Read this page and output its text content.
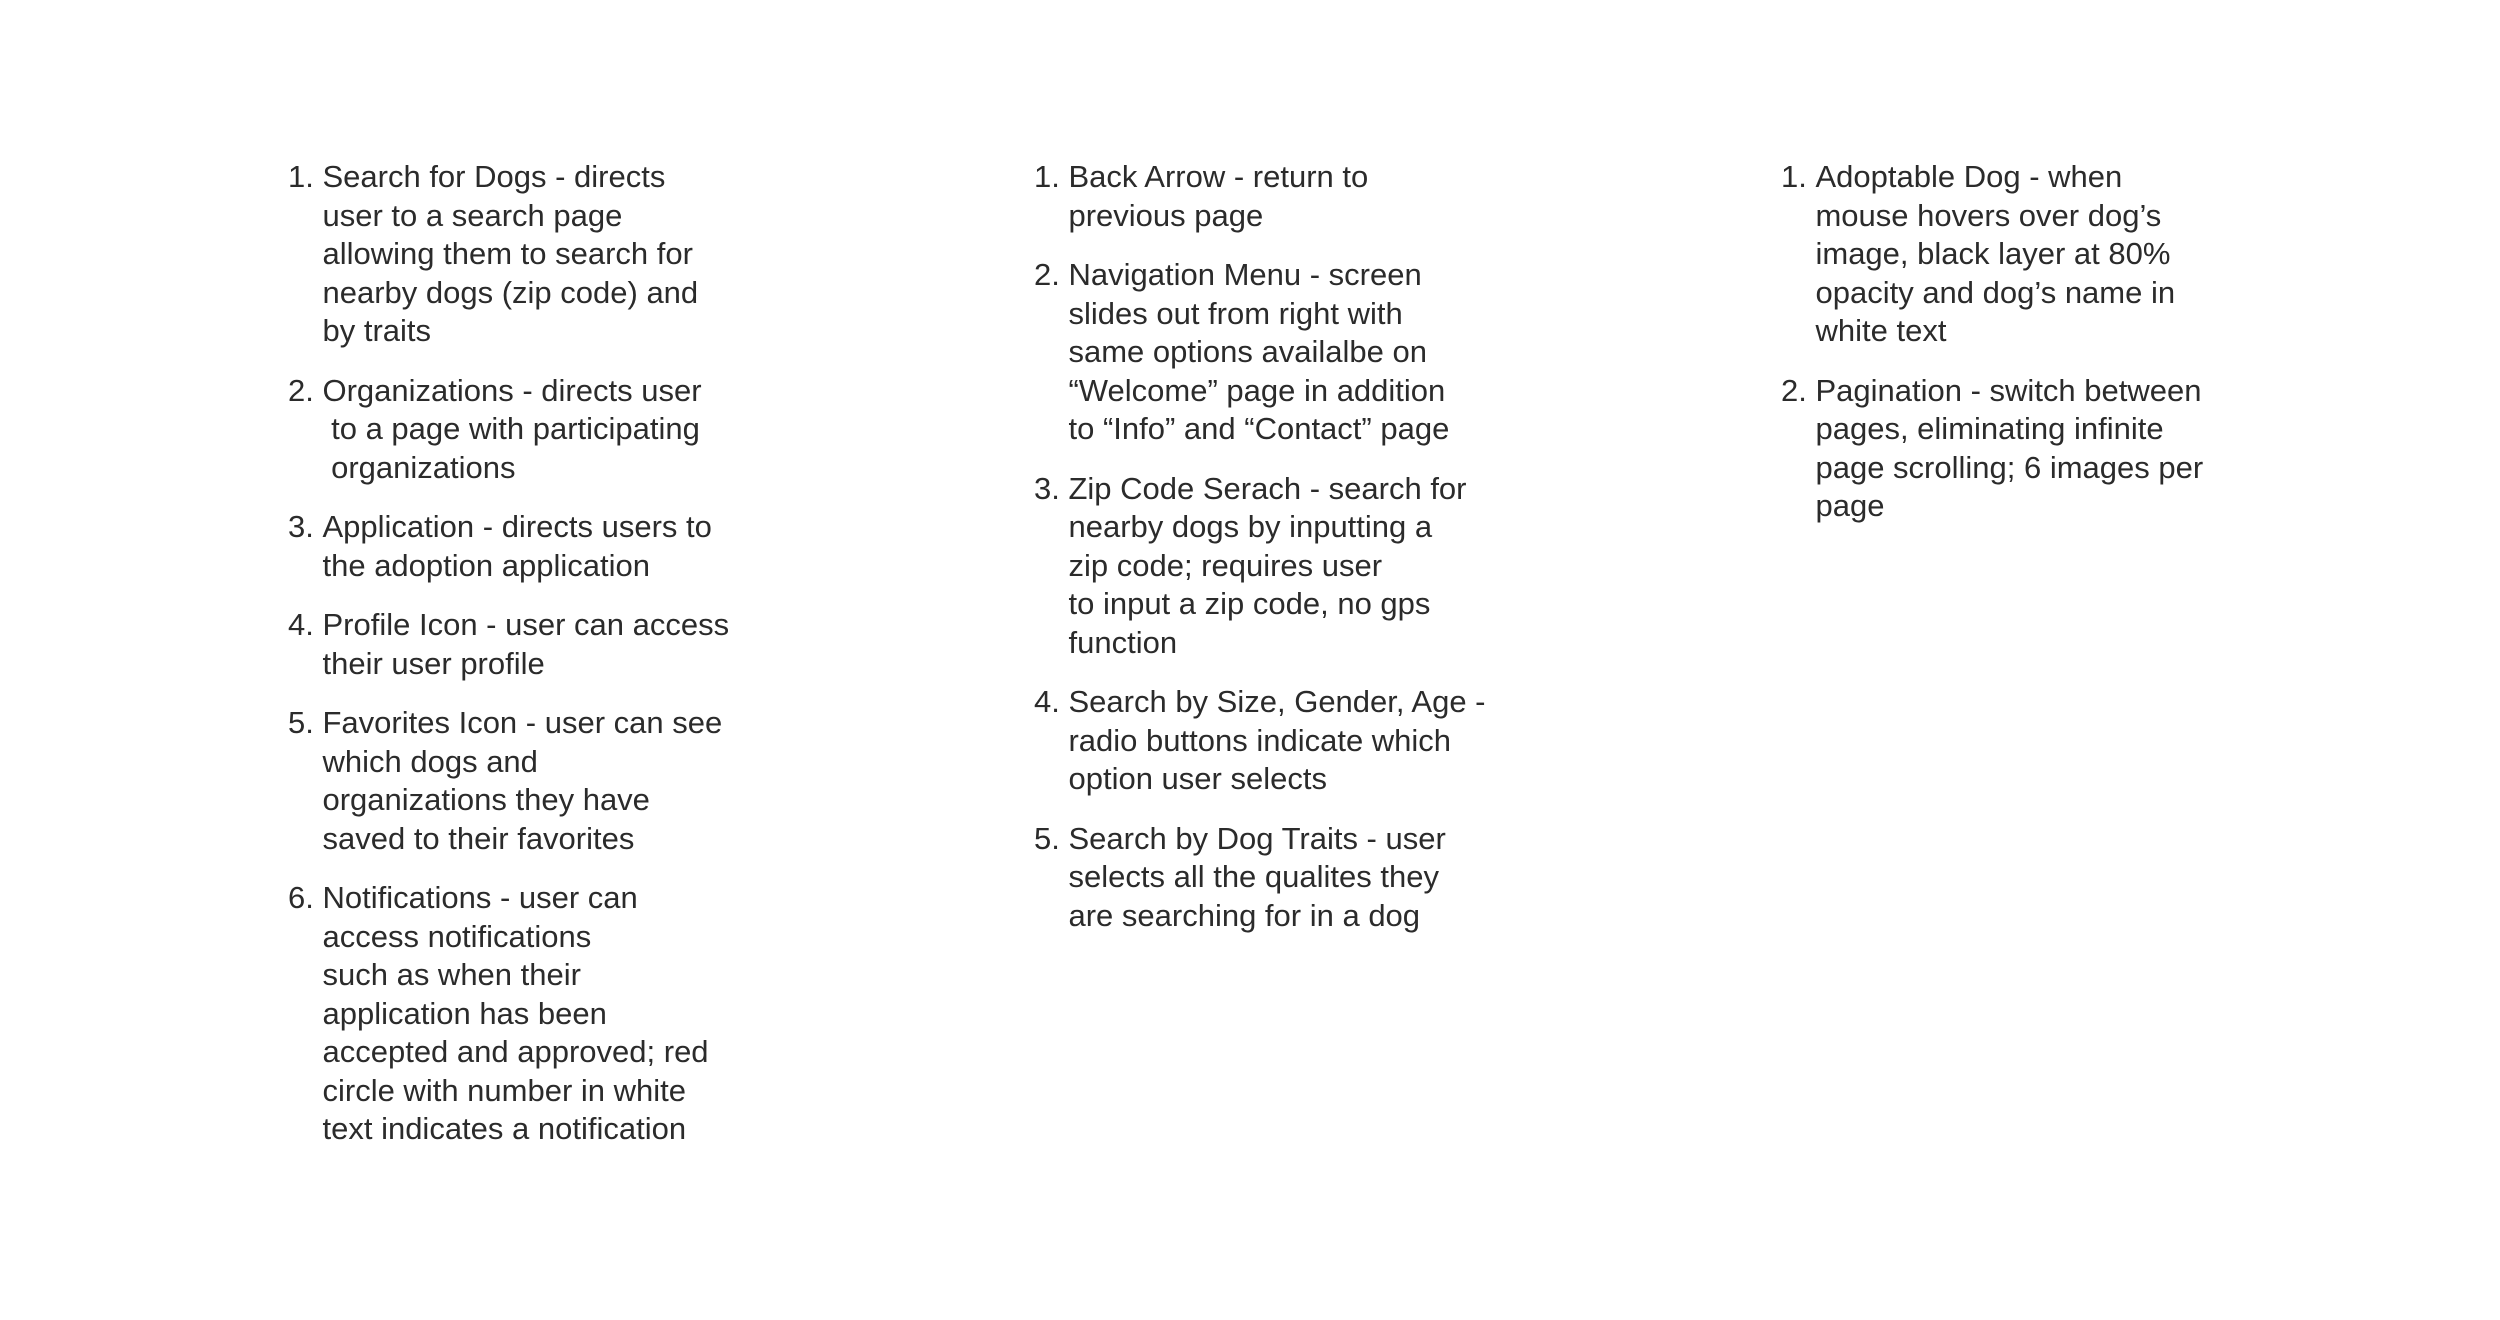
1.
Search for Dogs - directs
user to a search page
allowing them to search for
nearby dogs (zip code) and
by traits
2.
Organizations - directs user
to a page with participating
organizations
3.
Application - directs users to
the adoption application
4.
Profile Icon - user can access
their user profile
5.
Favorites Icon - user can see
which dogs and
organizations they have
saved to their favorites
6.
Notifications - user can
access notifications
such as when their
application has been
accepted and approved; red
circle with number in white
text indicates a notification
1.
Back Arrow - return to
previous page
2.
Navigation Menu - screen
slides out from right with
same options availalbe on
“Welcome” page in addition
to “Info” and “Contact” page
3.
Zip Code Serach - search for
nearby dogs by inputting a
zip code; requires user
to input a zip code, no gps
function
4.
Search by Size, Gender, Age -
radio buttons indicate which
option user selects
5.
Search by Dog Traits - user
selects all the qualites they
are searching for in a dog
1.
Adoptable Dog - when
mouse hovers over dog’s
image, black layer at 80%
opacity and dog’s name in
white text
2.
Pagination - switch between
pages, eliminating infinite
page scrolling; 6 images per
page
